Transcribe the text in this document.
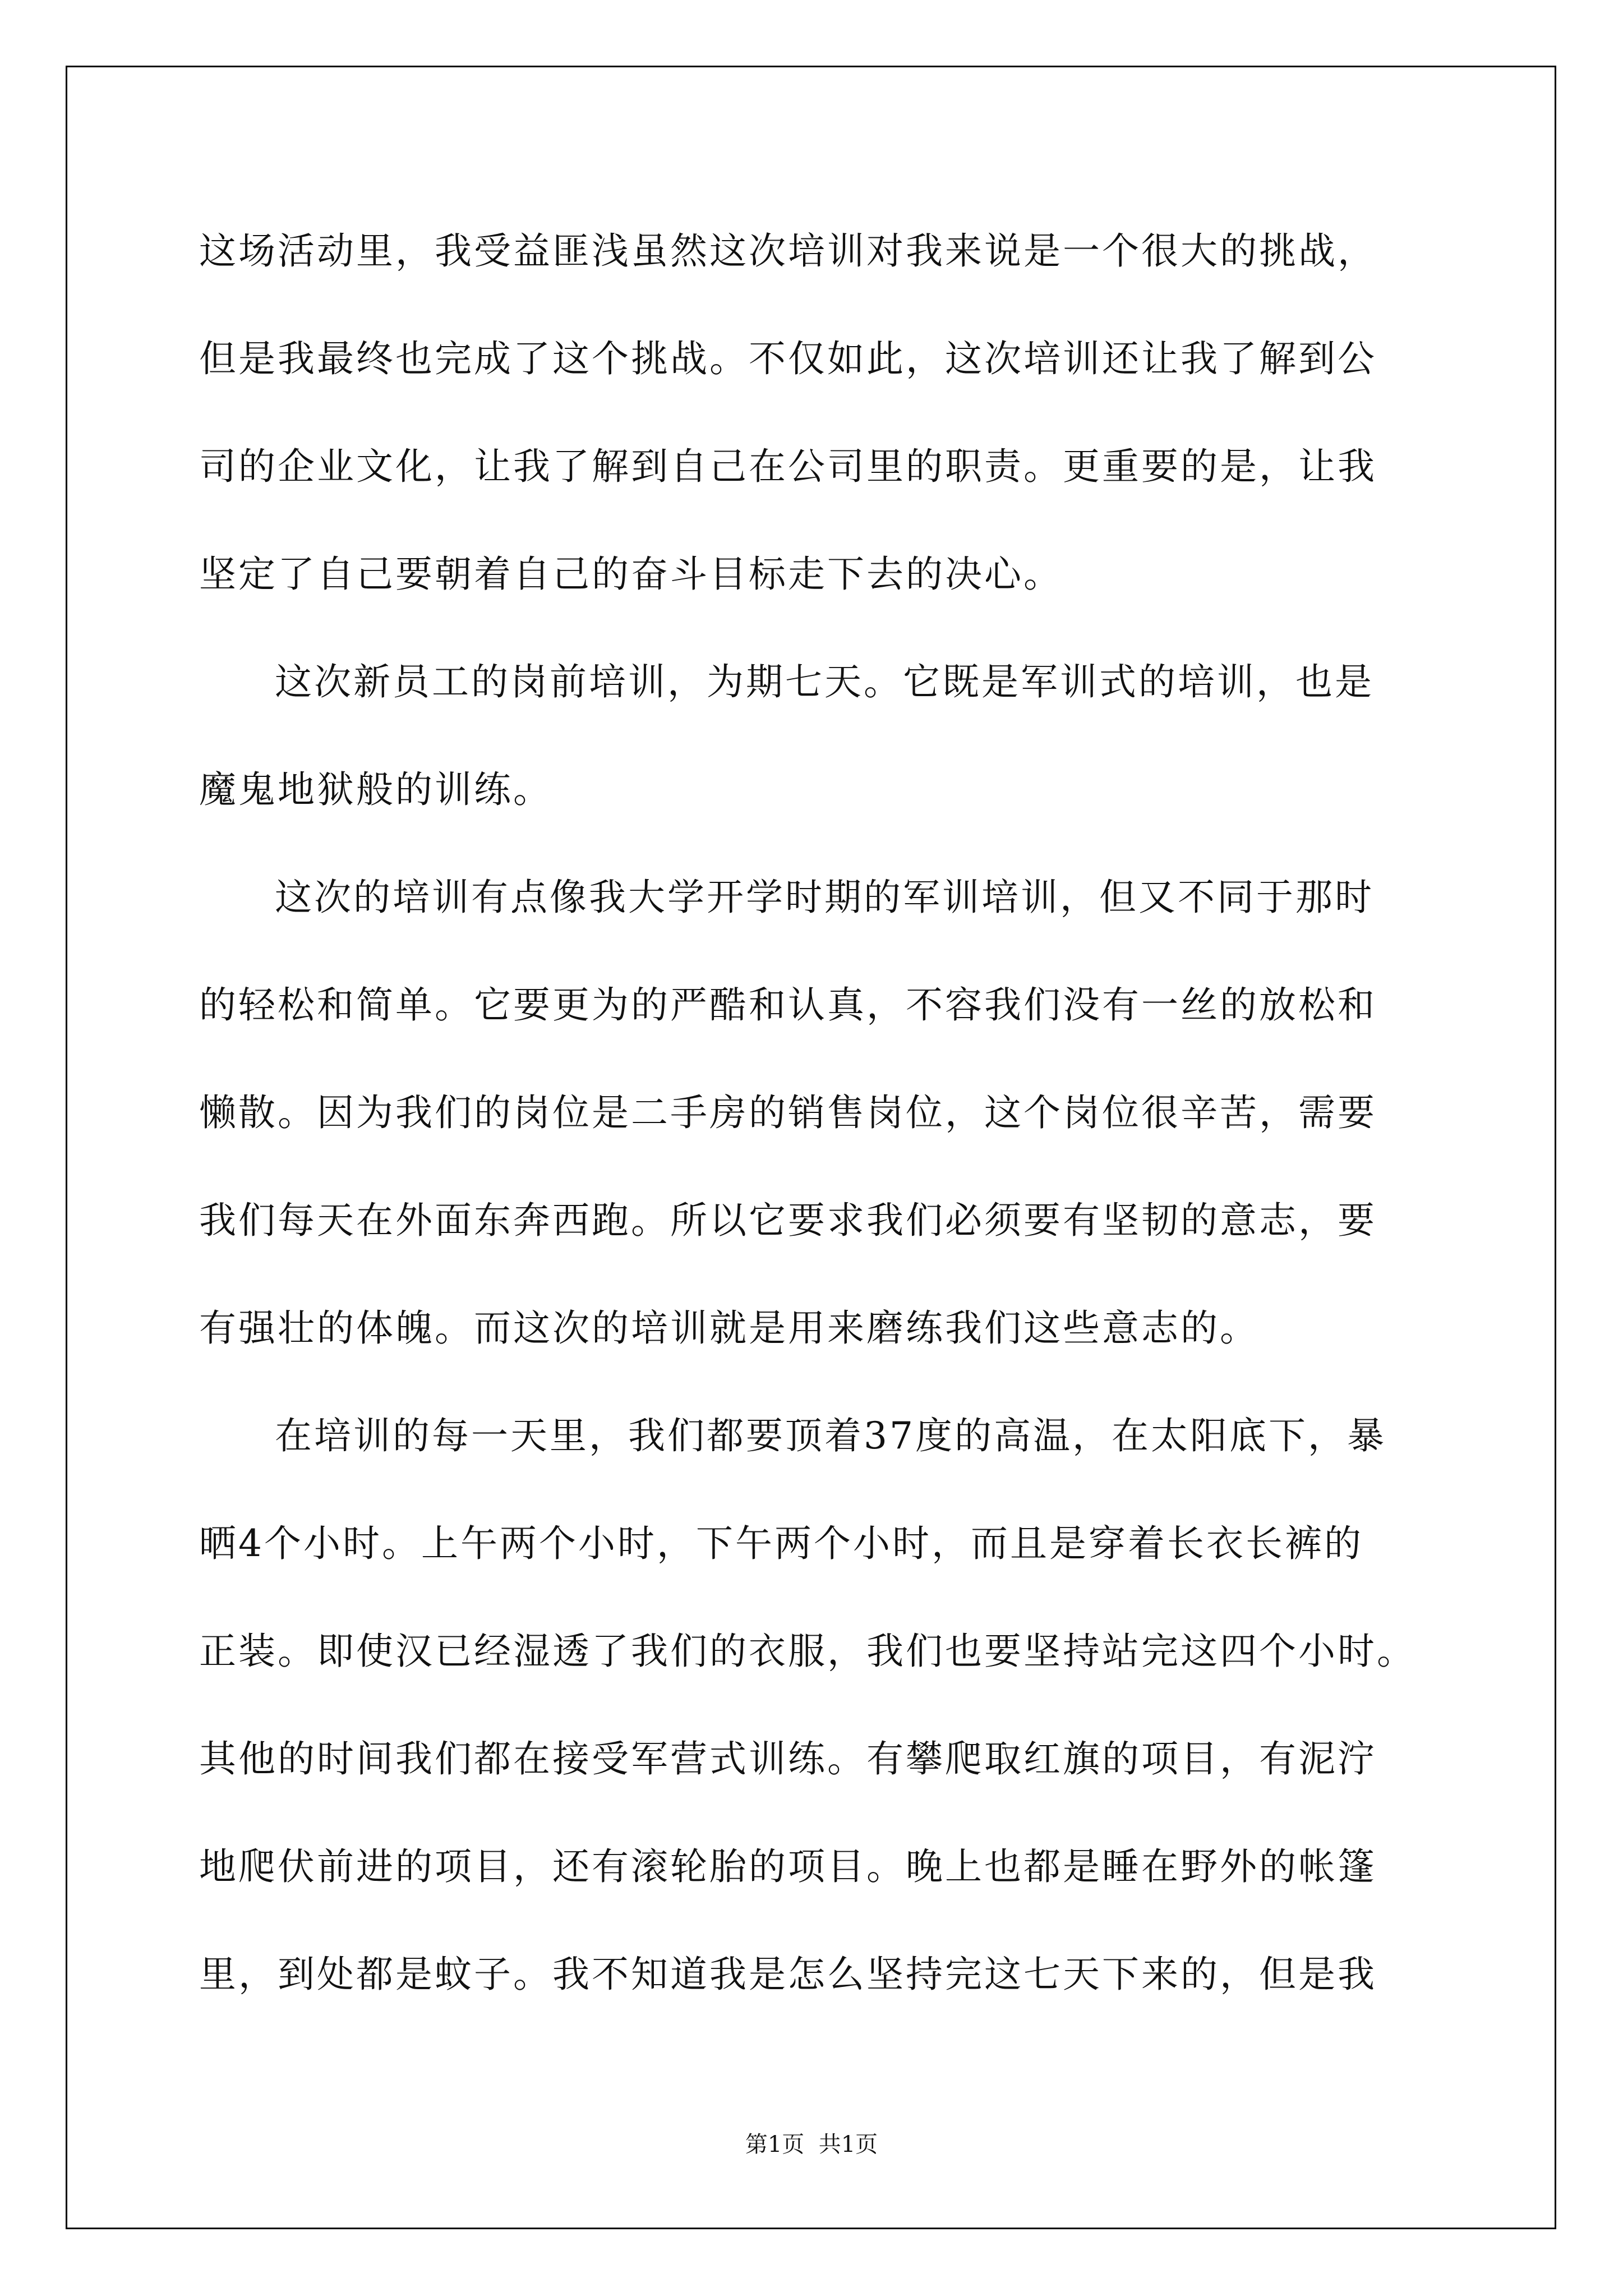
这场活动里，我受益匪浅虽然这次培训对我来说是一个很大的挑战，
但是我最终也完成了这个挑战。不仅如此，这次培训还让我了解到公
司的企业文化，让我了解到自己在公司里的职责。更重要的是，让我
坚定了自己要朝着自己的奋斗目标走下去的决心。
这次新员工的岗前培训，为期七天。它既是军训式的培训，也是
魔鬼地狱般的训练。
这次的培训有点像我大学开学时期的军训培训，但又不同于那时
的轻松和简单。它要更为的严酷和认真，不容我们没有一丝的放松和
懒散。因为我们的岗位是二手房的销售岗位，这个岗位很辛苦，需要
我们每天在外面东奔西跑。所以它要求我们必须要有坚韧的意志，要
有强壮的体魄。而这次的培训就是用来磨练我们这些意志的。
在培训的每一天里，我们都要顶着37度的高温，在太阳底下，暴
晒4个小时。上午两个小时，下午两个小时，而且是穿着长衣长裤的
正装。即使汉已经湿透了我们的衣服，我们也要坚持站完这四个小时。
其他的时间我们都在接受军营式训练。有攀爬取红旗的项目，有泥泞
地爬伏前进的项目，还有滚轮胎的项目。晚上也都是睡在野外的帐篷
里，到处都是蚊子。我不知道我是怎么坚持完这七天下来的，但是我
第1页  共1页
